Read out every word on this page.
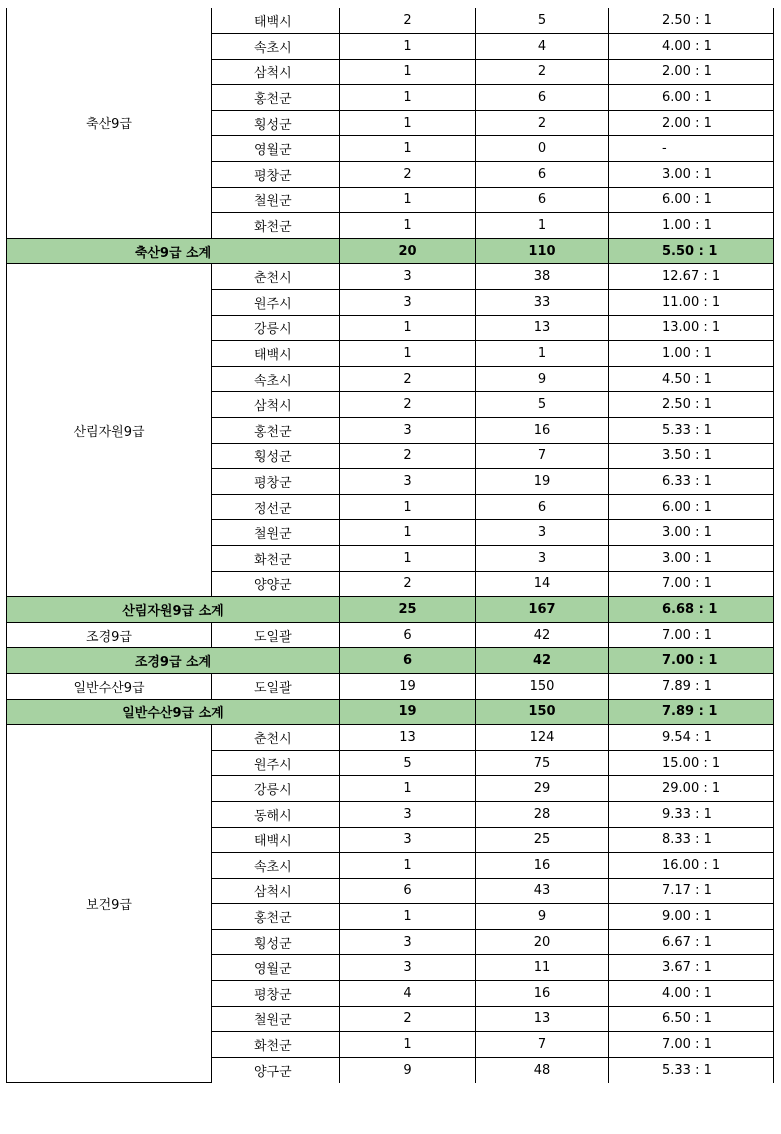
축산9급	태백시	2	5	2.50 : 1
	속초시	1	4	4.00 : 1
	삼척시	1	2	2.00 : 1
	홍천군	1	6	6.00 : 1
	횡성군	1	2	2.00 : 1
	영월군	1	0	-
	평창군	2	6	3.00 : 1
	철원군	1	6	6.00 : 1
	화천군	1	1	1.00 : 1
축산9급 소계		20	110	5.50 : 1
산림자원9급	춘천시	3	38	12.67 : 1
	원주시	3	33	11.00 : 1
	강릉시	1	13	13.00 : 1
	태백시	1	1	1.00 : 1
	속초시	2	9	4.50 : 1
	삼척시	2	5	2.50 : 1
	홍천군	3	16	5.33 : 1
	횡성군	2	7	3.50 : 1
	평창군	3	19	6.33 : 1
	정선군	1	6	6.00 : 1
	철원군	1	3	3.00 : 1
	화천군	1	3	3.00 : 1
	양양군	2	14	7.00 : 1
산림자원9급 소계		25	167	6.68 : 1
조경9급	도일괄	6	42	7.00 : 1
조경9급 소계		6	42	7.00 : 1
일반수산9급	도일괄	19	150	7.89 : 1
일반수산9급 소계		19	150	7.89 : 1
보건9급	춘천시	13	124	9.54 : 1
	원주시	5	75	15.00 : 1
	강릉시	1	29	29.00 : 1
	동해시	3	28	9.33 : 1
	태백시	3	25	8.33 : 1
	속초시	1	16	16.00 : 1
	삼척시	6	43	7.17 : 1
	홍천군	1	9	9.00 : 1
	횡성군	3	20	6.67 : 1
	영월군	3	11	3.67 : 1
	평창군	4	16	4.00 : 1
	철원군	2	13	6.50 : 1
	화천군	1	7	7.00 : 1
	양구군	9	48	5.33 : 1
